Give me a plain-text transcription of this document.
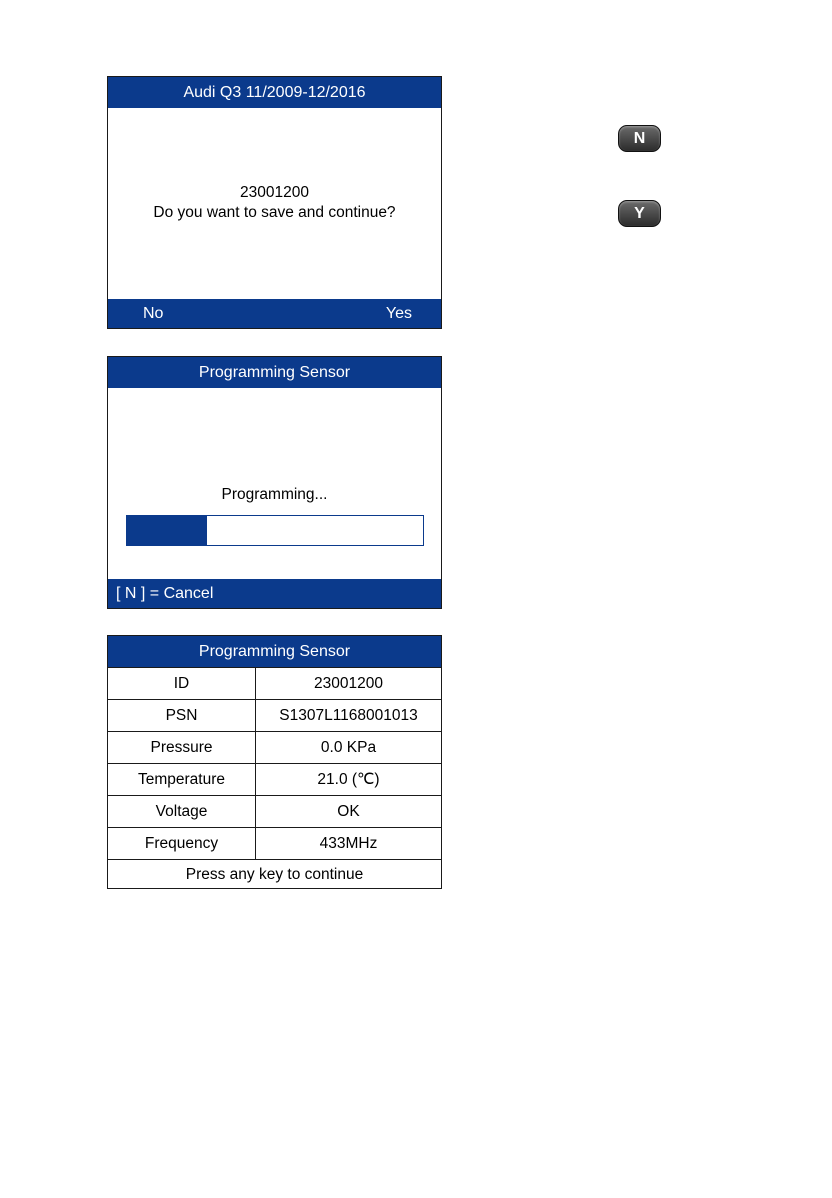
Audi Q3 11/2009-12/2016
23001200
Do you want to save and continue?
No	Yes
N
Y
Programming Sensor
Programming...
[ N ] = Cancel
Programming Sensor
ID	23001200
PSN	S1307L1168001013
Pressure	0.0 KPa
Temperature	21.0 (℃)
Voltage	OK
Frequency	433MHz
Press any key to continue
